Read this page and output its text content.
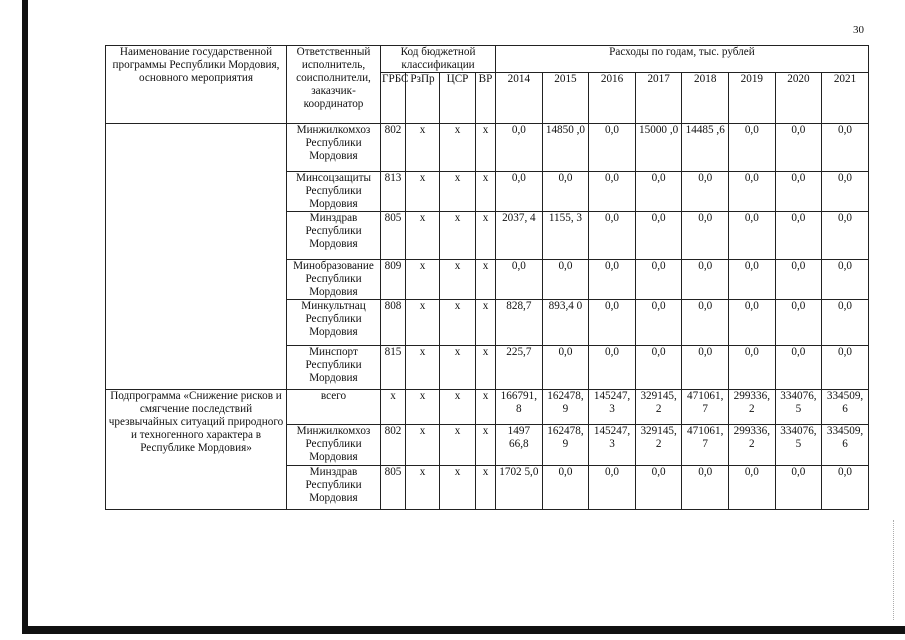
30
Наименование государственной программы Республики Мордовия, основного мероприятия	Ответственный исполнитель, соисполнители, заказчик-координатор	Код бюджетной классификации				Расходы по годам, тыс. рублей							
		ГРБС	РзПр	ЦСР	ВР	2014	2015	2016	2017	2018	2019	2020	2021
	Минжилкомхоз Республики Мордовия	802	x	x	x	0,0	14850 ,0	0,0	15000 ,0	14485 ,6	0,0	0,0	0,0
	Минсоцзащиты Республики Мордовия	813	x	x	x	0,0	0,0	0,0	0,0	0,0	0,0	0,0	0,0
	Минздрав Республики Мордовия	805	x	x	x	2037, 4	1155, 3	0,0	0,0	0,0	0,0	0,0	0,0
	Минобразование Республики Мордовия	809	x	x	x	0,0	0,0	0,0	0,0	0,0	0,0	0,0	0,0
	Минкультнац Республики Мордовия	808	x	x	x	828,7	893,4 0	0,0	0,0	0,0	0,0	0,0	0,0
	Минспорт Республики Мордовия	815	x	x	x	225,7	0,0	0,0	0,0	0,0	0,0	0,0	0,0
Подпрограмма «Снижение рисков и смягчение последствий чрезвычайных ситуаций природного и техногенного характера в Республике Мордовия»	всего	x	x	x	x	166791, 8	162478, 9	145247, 3	329145, 2	471061, 7	299336, 2	334076, 5	334509, 6
	Минжилкомхоз Республики Мордовия	802	x	x	x	1497 66,8	162478, 9	145247, 3	329145, 2	471061, 7	299336, 2	334076, 5	334509, 6
	Минздрав Республики Мордовия	805	x	x	x	1702 5,0	0,0	0,0	0,0	0,0	0,0	0,0	0,0
